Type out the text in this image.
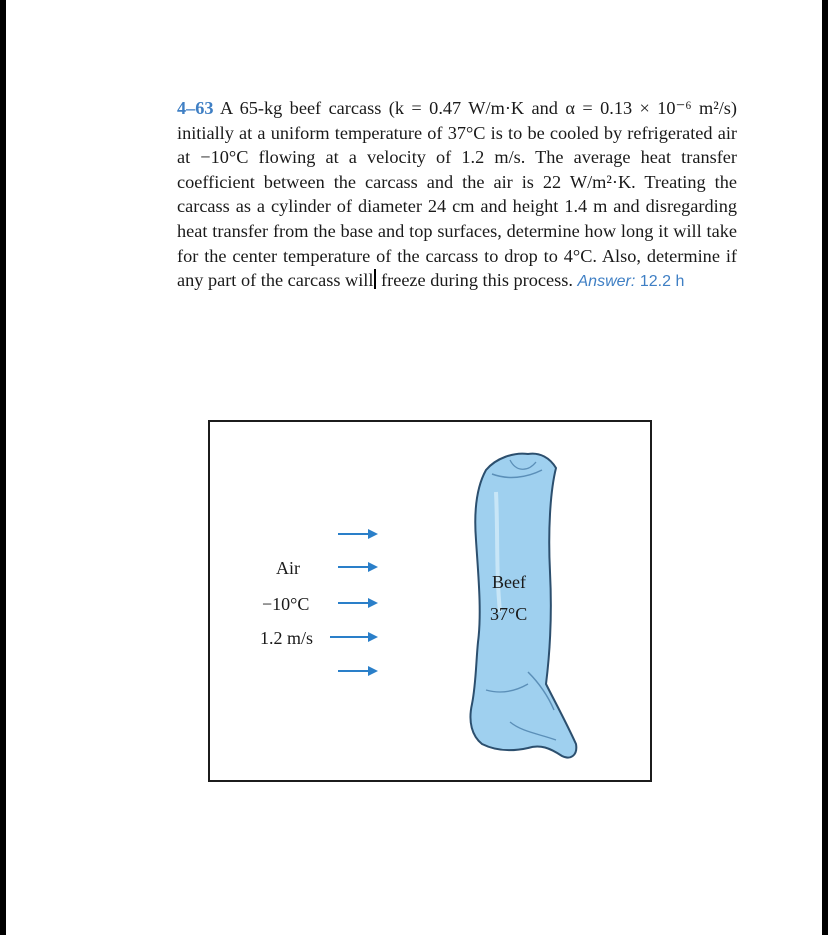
4–63 A 65-kg beef carcass (k = 0.47 W/m·K and α = 0.13 × 10⁻⁶ m²/s) initially at a uniform temperature of 37°C is to be cooled by refrigerated air at −10°C flowing at a velocity of 1.2 m/s. The average heat transfer coefficient between the carcass and the air is 22 W/m²·K. Treating the carcass as a cylinder of diameter 24 cm and height 1.4 m and disregarding heat transfer from the base and top surfaces, determine how long it will take for the center temperature of the carcass to drop to 4°C. Also, determine if any part of the carcass will freeze during this process. Answer: 12.2 h
Air
−10°C
1.2 m/s
Beef
37°C
